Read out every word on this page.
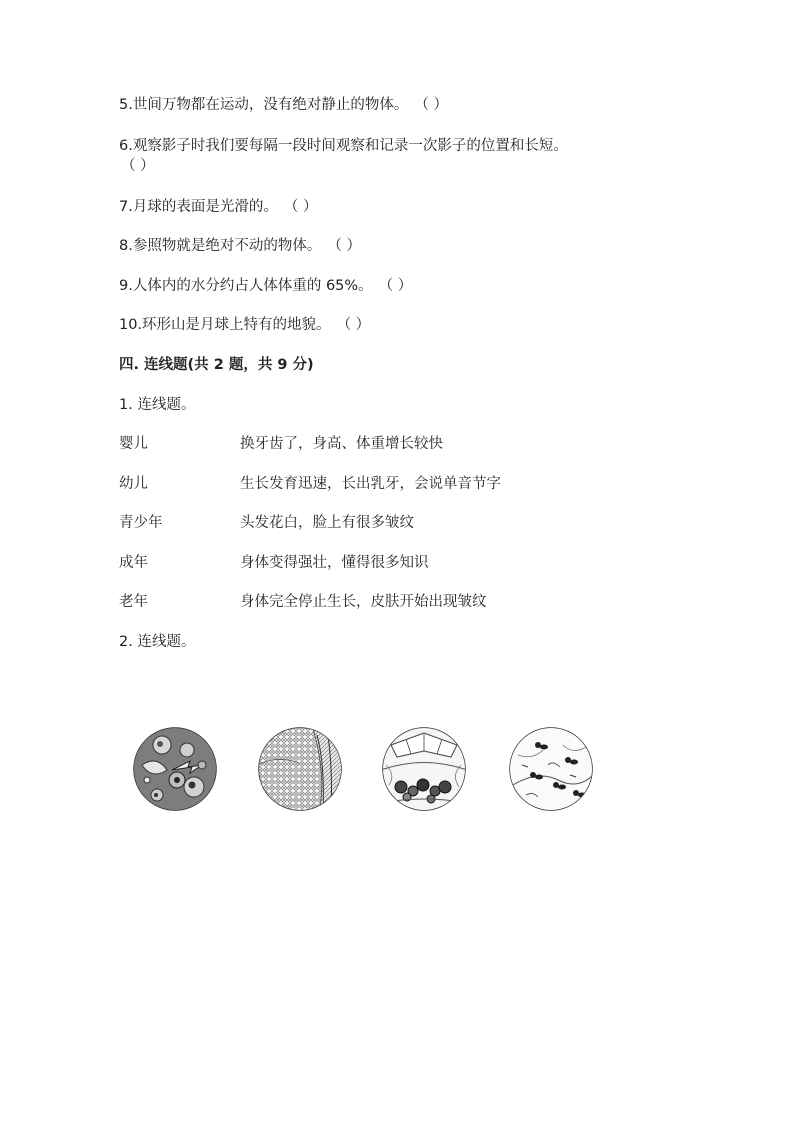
5.世间万物都在运动，没有绝对静止的物体。 （ ）
6.观察影子时我们要每隔一段时间观察和记录一次影子的位置和长短。
（ ）
7.月球的表面是光滑的。 （ ）
8.参照物就是绝对不动的物体。 （ ）
9.人体内的水分约占人体体重的 65%。 （ ）
10.环形山是月球上特有的地貌。 （ ）
四. 连线题(共 2 题，共 9 分)
1. 连线题。
婴儿	换牙齿了，身高、体重增长较快
幼儿	生长发育迅速，长出乳牙，会说单音节字
青少年	头发花白，脸上有很多皱纹
成年	身体变得强壮，懂得很多知识
老年	身体完全停止生长，皮肤开始出现皱纹
2. 连线题。
